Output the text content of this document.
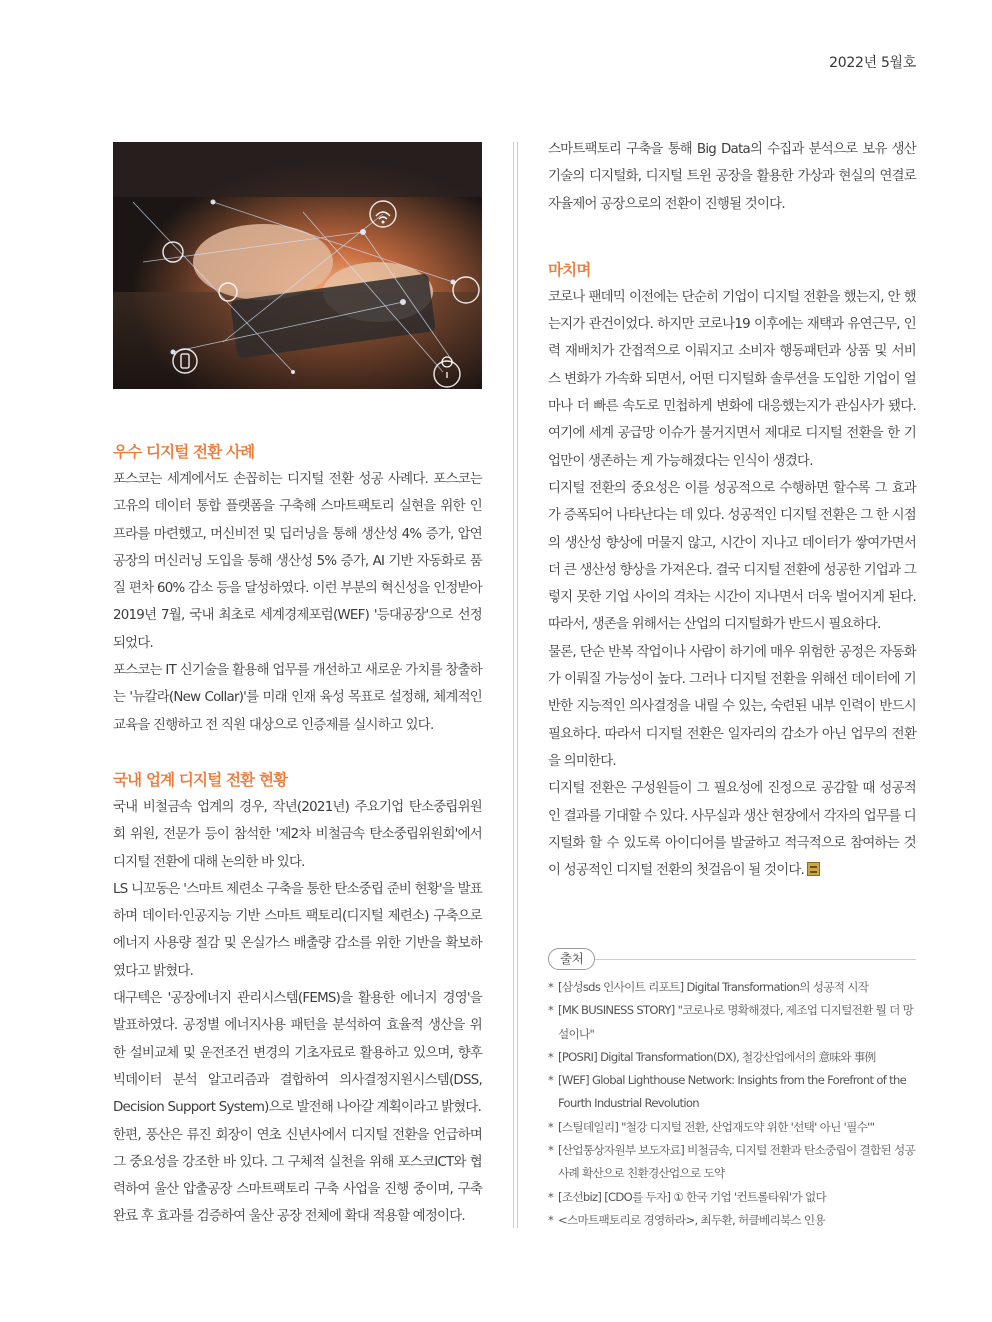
2022년 5월호
우수 디지털 전환 사례

포스코는 세계에서도 손꼽히는 디지털 전환 성공 사례다. 포스코는 고유의 데이터 통합 플랫폼을 구축해 스마트팩토리 실현을 위한 인프라를 마련했고, 머신비전 및 딥러닝을 통해 생산성 4% 증가, 압연공장의 머신러닝 도입을 통해 생산성 5% 증가, AI 기반 자동화로 품질 편차 60% 감소 등을 달성하였다. 이런 부분의 혁신성을 인정받아 2019년 7월, 국내 최초로 세계경제포럼(WEF) '등대공장'으로 선정되었다.

포스코는 IT 신기술을 활용해 업무를 개선하고 새로운 가치를 창출하는 '뉴칼라(New Collar)'를 미래 인재 육성 목표로 설정해, 체계적인 교육을 진행하고 전 직원 대상으로 인증제를 실시하고 있다.

국내 업계 디지털 전환 현황

국내 비철금속 업계의 경우, 작년(2021년) 주요기업 탄소중립위원회 위원, 전문가 등이 참석한 '제2차 비철금속 탄소중립위원회'에서 디지털 전환에 대해 논의한 바 있다.

LS 니꼬동은 '스마트 제련소 구축을 통한 탄소중립 준비 현황'을 발표하며 데이터·인공지능 기반 스마트 팩토리(디지털 제련소) 구축으로 에너지 사용량 절감 및 온실가스 배출량 감소를 위한 기반을 확보하였다고 밝혔다.

대구텍은 '공장에너지 관리시스템(FEMS)을 활용한 에너지 경영'을 발표하였다. 공정별 에너지사용 패턴을 분석하여 효율적 생산을 위한 설비교체 및 운전조건 변경의 기초자료로 활용하고 있으며, 향후 빅데이터 분석 알고리즘과 결합하여 의사결정지원시스템(DSS, Decision Support System)으로 발전해 나아갈 계획이라고 밝혔다.

한편, 풍산은 류진 회장이 연초 신년사에서 디지털 전환을 언급하며 그 중요성을 강조한 바 있다. 그 구체적 실천을 위해 포스코ICT와 협력하여 울산 압출공장 스마트팩토리 구축 사업을 진행 중이며, 구축 완료 후 효과를 검증하여 울산 공장 전체에 확대 적용할 예정이다.

스마트팩토리 구축을 통해 Big Data의 수집과 분석으로 보유 생산기술의 디지털화, 디지털 트윈 공장을 활용한 가상과 현실의 연결로 자율제어 공장으로의 전환이 진행될 것이다.

마치며

코로나 팬데믹 이전에는 단순히 기업이 디지털 전환을 했는지, 안 했는지가 관건이었다. 하지만 코로나19 이후에는 재택과 유연근무, 인력 재배치가 간접적으로 이뤄지고 소비자 행동패턴과 상품 및 서비스 변화가 가속화 되면서, 어떤 디지털화 솔루션을 도입한 기업이 얼마나 더 빠른 속도로 민첩하게 변화에 대응했는지가 관심사가 됐다. 여기에 세계 공급망 이슈가 불거지면서 제대로 디지털 전환을 한 기업만이 생존하는 게 가능해졌다는 인식이 생겼다.

디지털 전환의 중요성은 이를 성공적으로 수행하면 할수록 그 효과가 증폭되어 나타난다는 데 있다. 성공적인 디지털 전환은 그 한 시점의 생산성 향상에 머물지 않고, 시간이 지나고 데이터가 쌓여가면서 더 큰 생산성 향상을 가져온다. 결국 디지털 전환에 성공한 기업과 그렇지 못한 기업 사이의 격차는 시간이 지나면서 더욱 벌어지게 된다. 따라서, 생존을 위해서는 산업의 디지털화가 반드시 필요하다.

물론, 단순 반복 작업이나 사람이 하기에 매우 위험한 공정은 자동화가 이뤄질 가능성이 높다. 그러나 디지털 전환을 위해선 데이터에 기반한 지능적인 의사결정을 내릴 수 있는, 숙련된 내부 인력이 반드시 필요하다. 따라서 디지털 전환은 일자리의 감소가 아닌 업무의 전환을 의미한다.

디지털 전환은 구성원들이 그 필요성에 진정으로 공감할 때 성공적인 결과를 기대할 수 있다. 사무실과 생산 현장에서 각자의 업무를 디지털화 할 수 있도록 아이디어를 발굴하고 적극적으로 참여하는 것이 성공적인 디지털 전환의 첫걸음이 될 것이다.

출처
* [삼성sds 인사이트 리포트] Digital Transformation의 성공적 시작
* [MK BUSINESS STORY] "코로나로 명확해졌다, 제조업 디지털전환 뭘 더 망설이나"
* [POSRI] Digital Transformation(DX), 철강산업에서의 意味와 事例
* [WEF] Global Lighthouse Network: Insights from the Forefront of the Fourth Industrial Revolution
* [스틸데일리] "철강 디지털 전환, 산업재도약 위한 '선택' 아닌 '필수'"
* [산업통상자원부 보도자료] 비철금속, 디지털 전환과 탄소중립이 결합된 성공사례 확산으로 친환경산업으로 도약
* [조선biz] [CDO를 두자] ① 한국 기업 '컨트롤타워'가 없다
* <스마트팩토리로 경영하라>, 최두환, 허클베리북스 인용
